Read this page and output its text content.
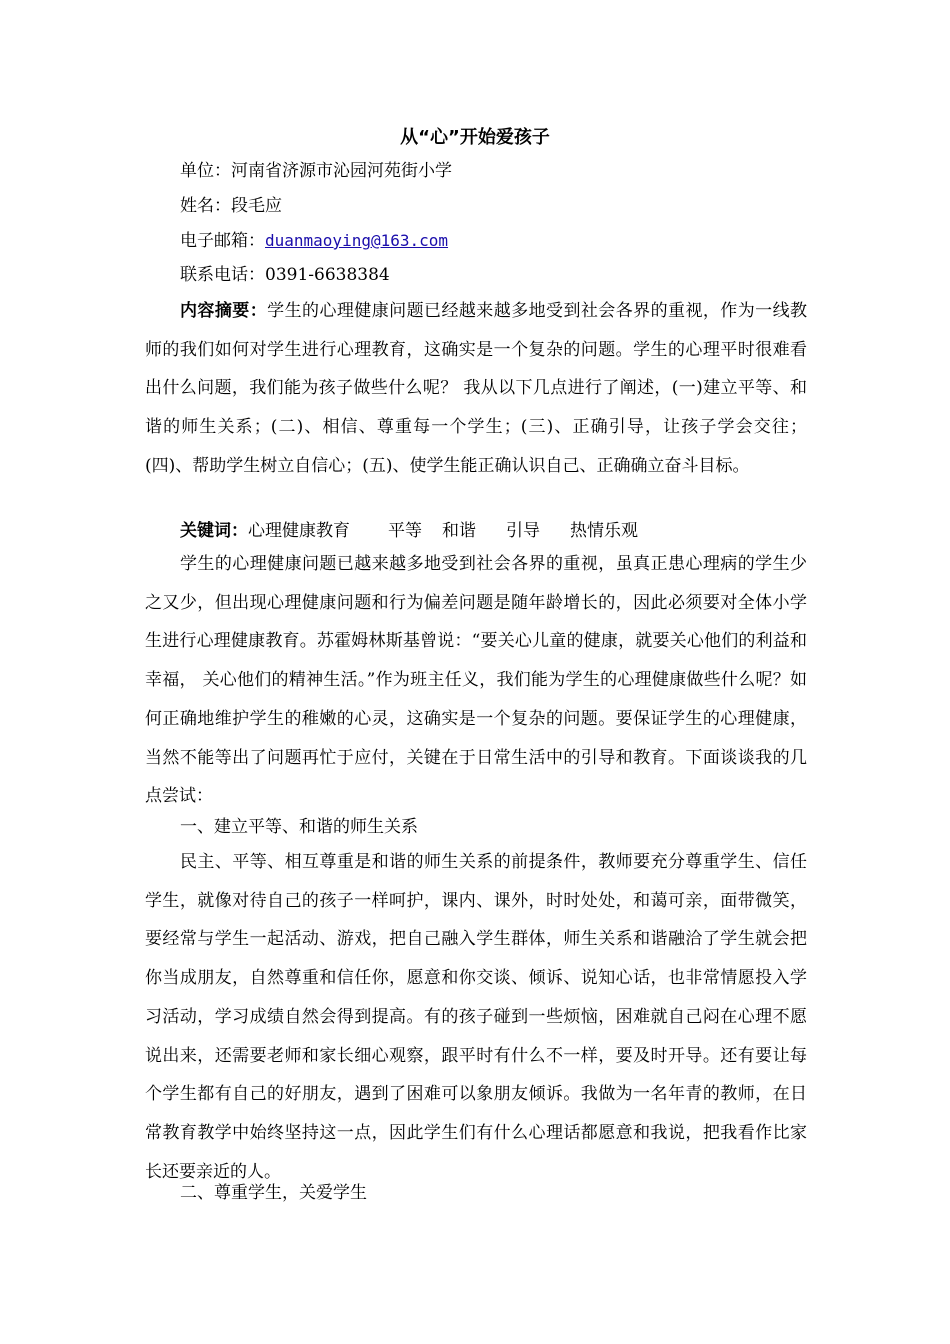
从“心”开始爱孩子
单位：河南省济源市沁园河苑街小学
姓名：段毛应
电子邮箱：duanmaoying@163.com
联系电话：0391-6638384

内容摘要：学生的心理健康问题已经越来越多地受到社会各界的重视，作为一线教师的我们如何对学生进行心理教育，这确实是一个复杂的问题。学生的心理平时很难看出什么问题，我们能为孩子做些什么呢？ 我从以下几点进行了阐述，(一)建立平等、和谐的师生关系；(二)、相信、尊重每一个学生；(三)、正确引导，让孩子学会交往；(四)、帮助学生树立自信心；(五)、使学生能正确认识自己、正确确立奋斗目标。

关键词：心理健康教育 平等 和谐 引导 热情乐观

学生的心理健康问题已越来越多地受到社会各界的重视，虽真正患心理病的学生少之又少，但出现心理健康问题和行为偏差问题是随年龄增长的，因此必须要对全体小学生进行心理健康教育。苏霍姆林斯基曾说：“要关心儿童的健康，就要关心他们的利益和幸福， 关心他们的精神生活。”作为班主任义，我们能为学生的心理健康做些什么呢？如何正确地维护学生的稚嫩的心灵，这确实是一个复杂的问题。要保证学生的心理健康，当然不能等出了问题再忙于应付，关键在于日常生活中的引导和教育。下面谈谈我的几点尝试：

一、建立平等、和谐的师生关系

民主、平等、相互尊重是和谐的师生关系的前提条件，教师要充分尊重学生、信任学生，就像对待自己的孩子一样呵护，课内、课外，时时处处，和蔼可亲，面带微笑，要经常与学生一起活动、游戏，把自己融入学生群体，师生关系和谐融洽了学生就会把你当成朋友，自然尊重和信任你，愿意和你交谈、倾诉、说知心话，也非常情愿投入学习活动，学习成绩自然会得到提高。有的孩子碰到一些烦恼，困难就自己闷在心理不愿说出来，还需要老师和家长细心观察，跟平时有什么不一样，要及时开导。还有要让每个学生都有自己的好朋友，遇到了困难可以象朋友倾诉。我做为一名年青的教师，在日常教育教学中始终坚持这一点，因此学生们有什么心理话都愿意和我说，把我看作比家长还要亲近的人。

二、尊重学生，关爱学生
